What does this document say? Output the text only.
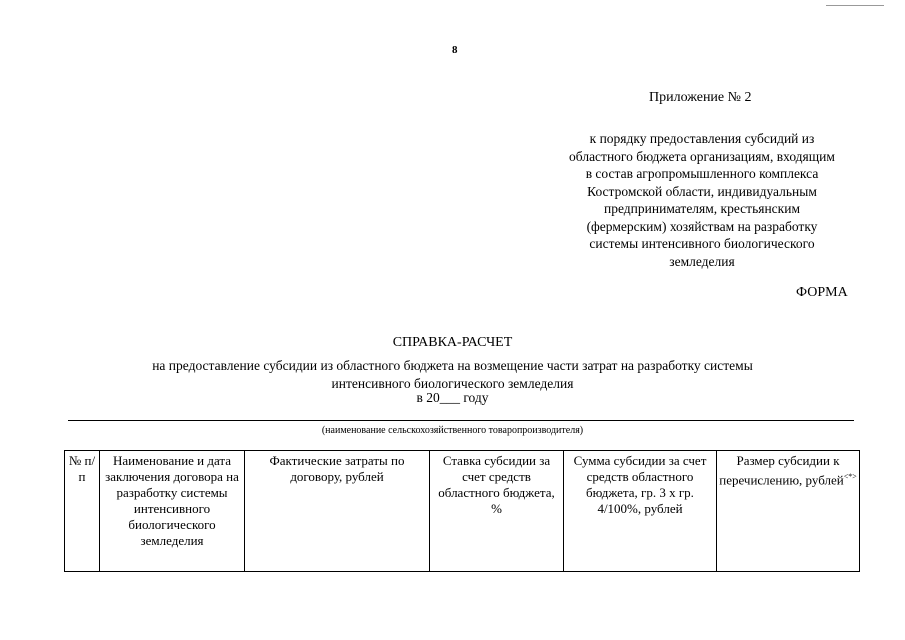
8
Приложение № 2
к порядку предоставления субсидий из
областного бюджета организациям, входящим
в состав агропромышленного комплекса
Костромской области, индивидуальным
предпринимателям, крестьянским
(фермерским) хозяйствам на разработку
системы интенсивного биологического
земледелия
ФОРМА
СПРАВКА-РАСЧЕТ
на предоставление субсидии из областного бюджета на возмещение части затрат на разработку системы
интенсивного биологического земледелия
в 20___ году
(наименование сельскохозяйственного товаропроизводителя)
№ п/п	Наименование и дата заключения договора на разработку системы интенсивного биологического земледелия	Фактические затраты по договору, рублей	Ставка субсидии за счет средств областного бюджета, %	Сумма субсидии за счет средств областного бюджета, гр. 3 х гр. 4/100%, рублей	Размер субсидии к перечислению, рублей<*>
